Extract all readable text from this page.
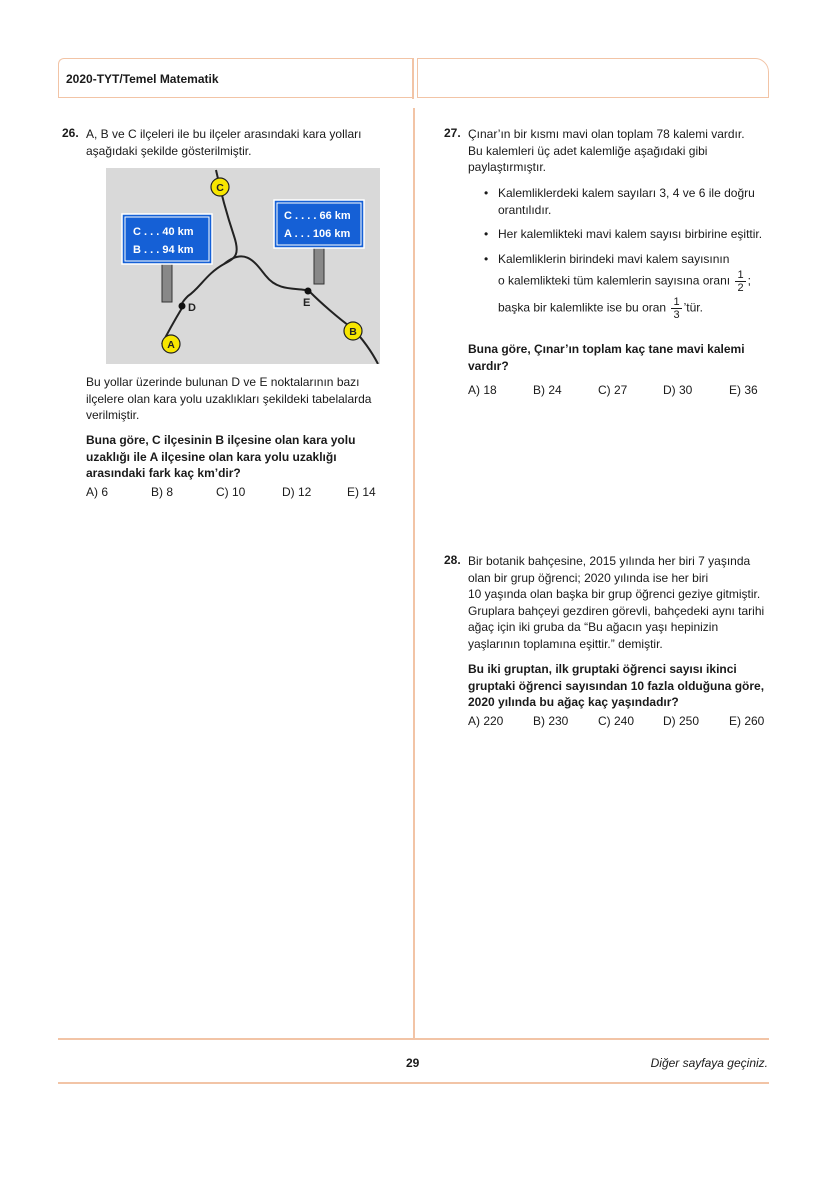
2020-TYT/Temel Matematik
26. A, B ve C ilçeleri ile bu ilçeler arasındaki kara yolları
aşağıdaki şekilde gösterilmiştir.
C . . . 40 km
B . . . 94 km
C . . . . 66 km
A . . . 106 km
D	E
C
B
A
Bu yollar üzerinde bulunan D ve E noktalarının bazı
ilçelere olan kara yolu uzaklıkları şekildeki tabelalarda
verilmiştir.
Buna göre, C ilçesinin B ilçesine olan kara yolu
uzaklığı ile A ilçesine olan kara yolu uzaklığı
arasındaki fark kaç km’dir?
A) 6	B) 8	C) 10	D) 12	E) 14
27. Çınar’ın bir kısmı mavi olan toplam 78 kalemi vardır.
Bu kalemleri üç adet kalemliğe aşağıdaki gibi
paylaştırmıştır.
• Kalemliklerdeki kalem sayıları 3, 4 ve 6 ile doğru
orantılıdır.
• Her kalemlikteki mavi kalem sayısı birbirine eşittir.
• Kalemliklerin birindeki mavi kalem sayısının
o kalemlikteki tüm kalemlerin sayısına oranı $\frac{1}{2}$ ;
başka bir kalemlikte ise bu oran $\frac{1}{3}$ ’tür.
Buna göre, Çınar’ın toplam kaç tane mavi kalemi
vardır?
A) 18	B) 24	C) 27	D) 30	E) 36
28. Bir botanik bahçesine, 2015 yılında her biri 7 yaşında
olan bir grup öğrenci; 2020 yılında ise her biri
10 yaşında olan başka bir grup öğrenci geziye gitmiştir.
Gruplara bahçeyi gezdiren görevli, bahçedeki aynı tarihi
ağaç için iki gruba da “Bu ağacın yaşı hepinizin
yaşlarının toplamına eşittir.” demiştir.
Bu iki gruptan, ilk gruptaki öğrenci sayısı ikinci
gruptaki öğrenci sayısından 10 fazla olduğuna göre,
2020 yılında bu ağaç kaç yaşındadır?
A) 220	B) 230	C) 240	D) 250	E) 260
29	Diğer sayfaya geçiniz.
